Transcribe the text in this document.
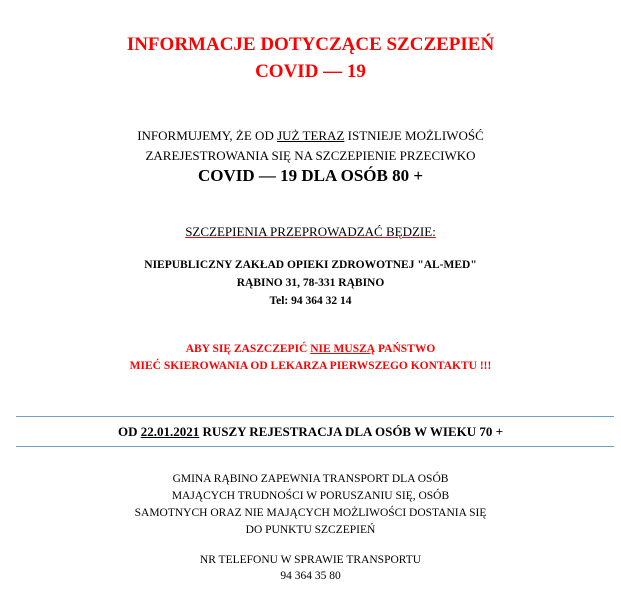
INFORMACJE DOTYCZĄCE SZCZEPIEŃ
COVID — 19
INFORMUJEMY, ŻE OD JUŻ TERAZ ISTNIEJE MOŻLIWOŚĆ
ZAREJESTROWANIA SIĘ NA SZCZEPIENIE PRZECIWKO
COVID — 19 DLA OSÓB 80 +
SZCZEPIENIA PRZEPROWADZAĆ BĘDZIE:
NIEPUBLICZNY ZAKŁAD OPIEKI ZDROWOTNEJ "AL-MED"
RĄBINO 31, 78-331 RĄBINO
Tel: 94 364 32 14
ABY SIĘ ZASZCZEPIĆ NIE MUSZĄ PAŃSTWO
MIEĆ SKIEROWANIA OD LEKARZA PIERWSZEGO KONTAKTU !!!
OD 22.01.2021 RUSZY REJESTRACJA DLA OSÓB W WIEKU 70 +
GMINA RĄBINO ZAPEWNIA TRANSPORT DLA OSÓB
MAJĄCYCH TRUDNOŚCI W PORUSZANIU SIĘ, OSÓB
SAMOTNYCH ORAZ NIE MAJĄCYCH MOŻLIWOŚCI DOSTANIA SIĘ
DO PUNKTU SZCZEPIEŃ
NR TELEFONU W SPRAWIE TRANSPORTU
94 364 35 80
